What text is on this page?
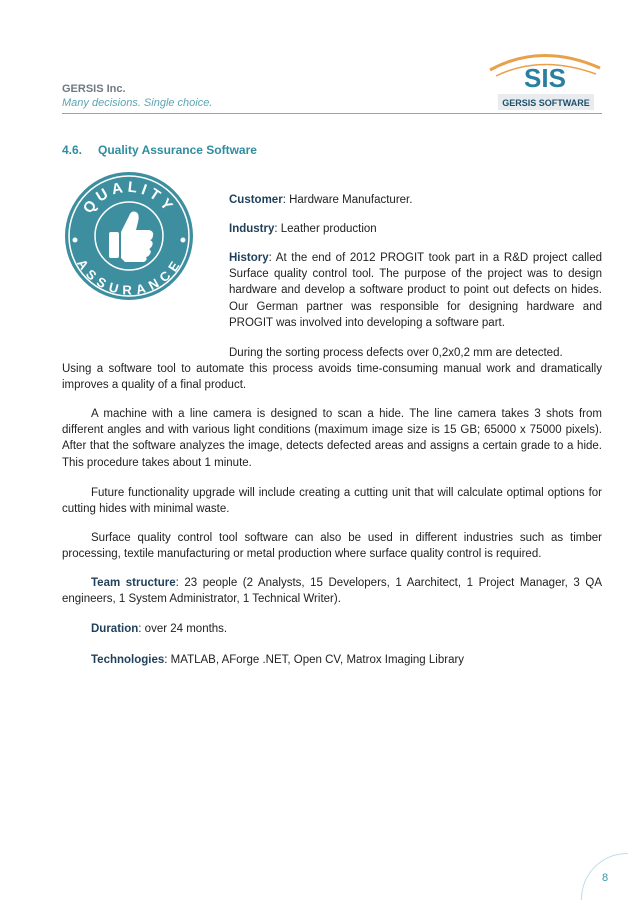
GERSIS Inc.
Many decisions. Single choice.
SIS
GERSIS SOFTWARE
4.6. Quality Assurance Software
QUALITY
ASSURANCE

Customer: Hardware Manufacturer.

Industry: Leather production

History: At the end of 2012 PROGIT took part in a R&D project called Surface quality control tool. The purpose of the project was to design hardware and develop a software product to point out defects on hides. Our German partner was responsible for designing hardware and PROGIT was involved into developing a software part.

During the sorting process defects over 0,2x0,2 mm are detected.

Using a software tool to automate this process avoids time-consuming manual work and dramatically improves a quality of a final product.

A machine with a line camera is designed to scan a hide. The line camera takes 3 shots from different angles and with various light conditions (maximum image size is 15 GB; 65000 x 75000 pixels). After that the software analyzes the image, detects defected areas and assigns a certain grade to a hide. This procedure takes about 1 minute.

Future functionality upgrade will include creating a cutting unit that will calculate optimal options for cutting hides with minimal waste.

Surface quality control tool software can also be used in different industries such as timber processing, textile manufacturing or metal production where surface quality control is required.

Team structure: 23 people (2 Analysts, 15 Developers, 1 Aarchitect, 1 Project Manager, 3 QA engineers, 1 System Administrator, 1 Technical Writer).

Duration: over 24 months.

Technologies: MATLAB, AForge .NET, Open CV, Matrox Imaging Library

8
